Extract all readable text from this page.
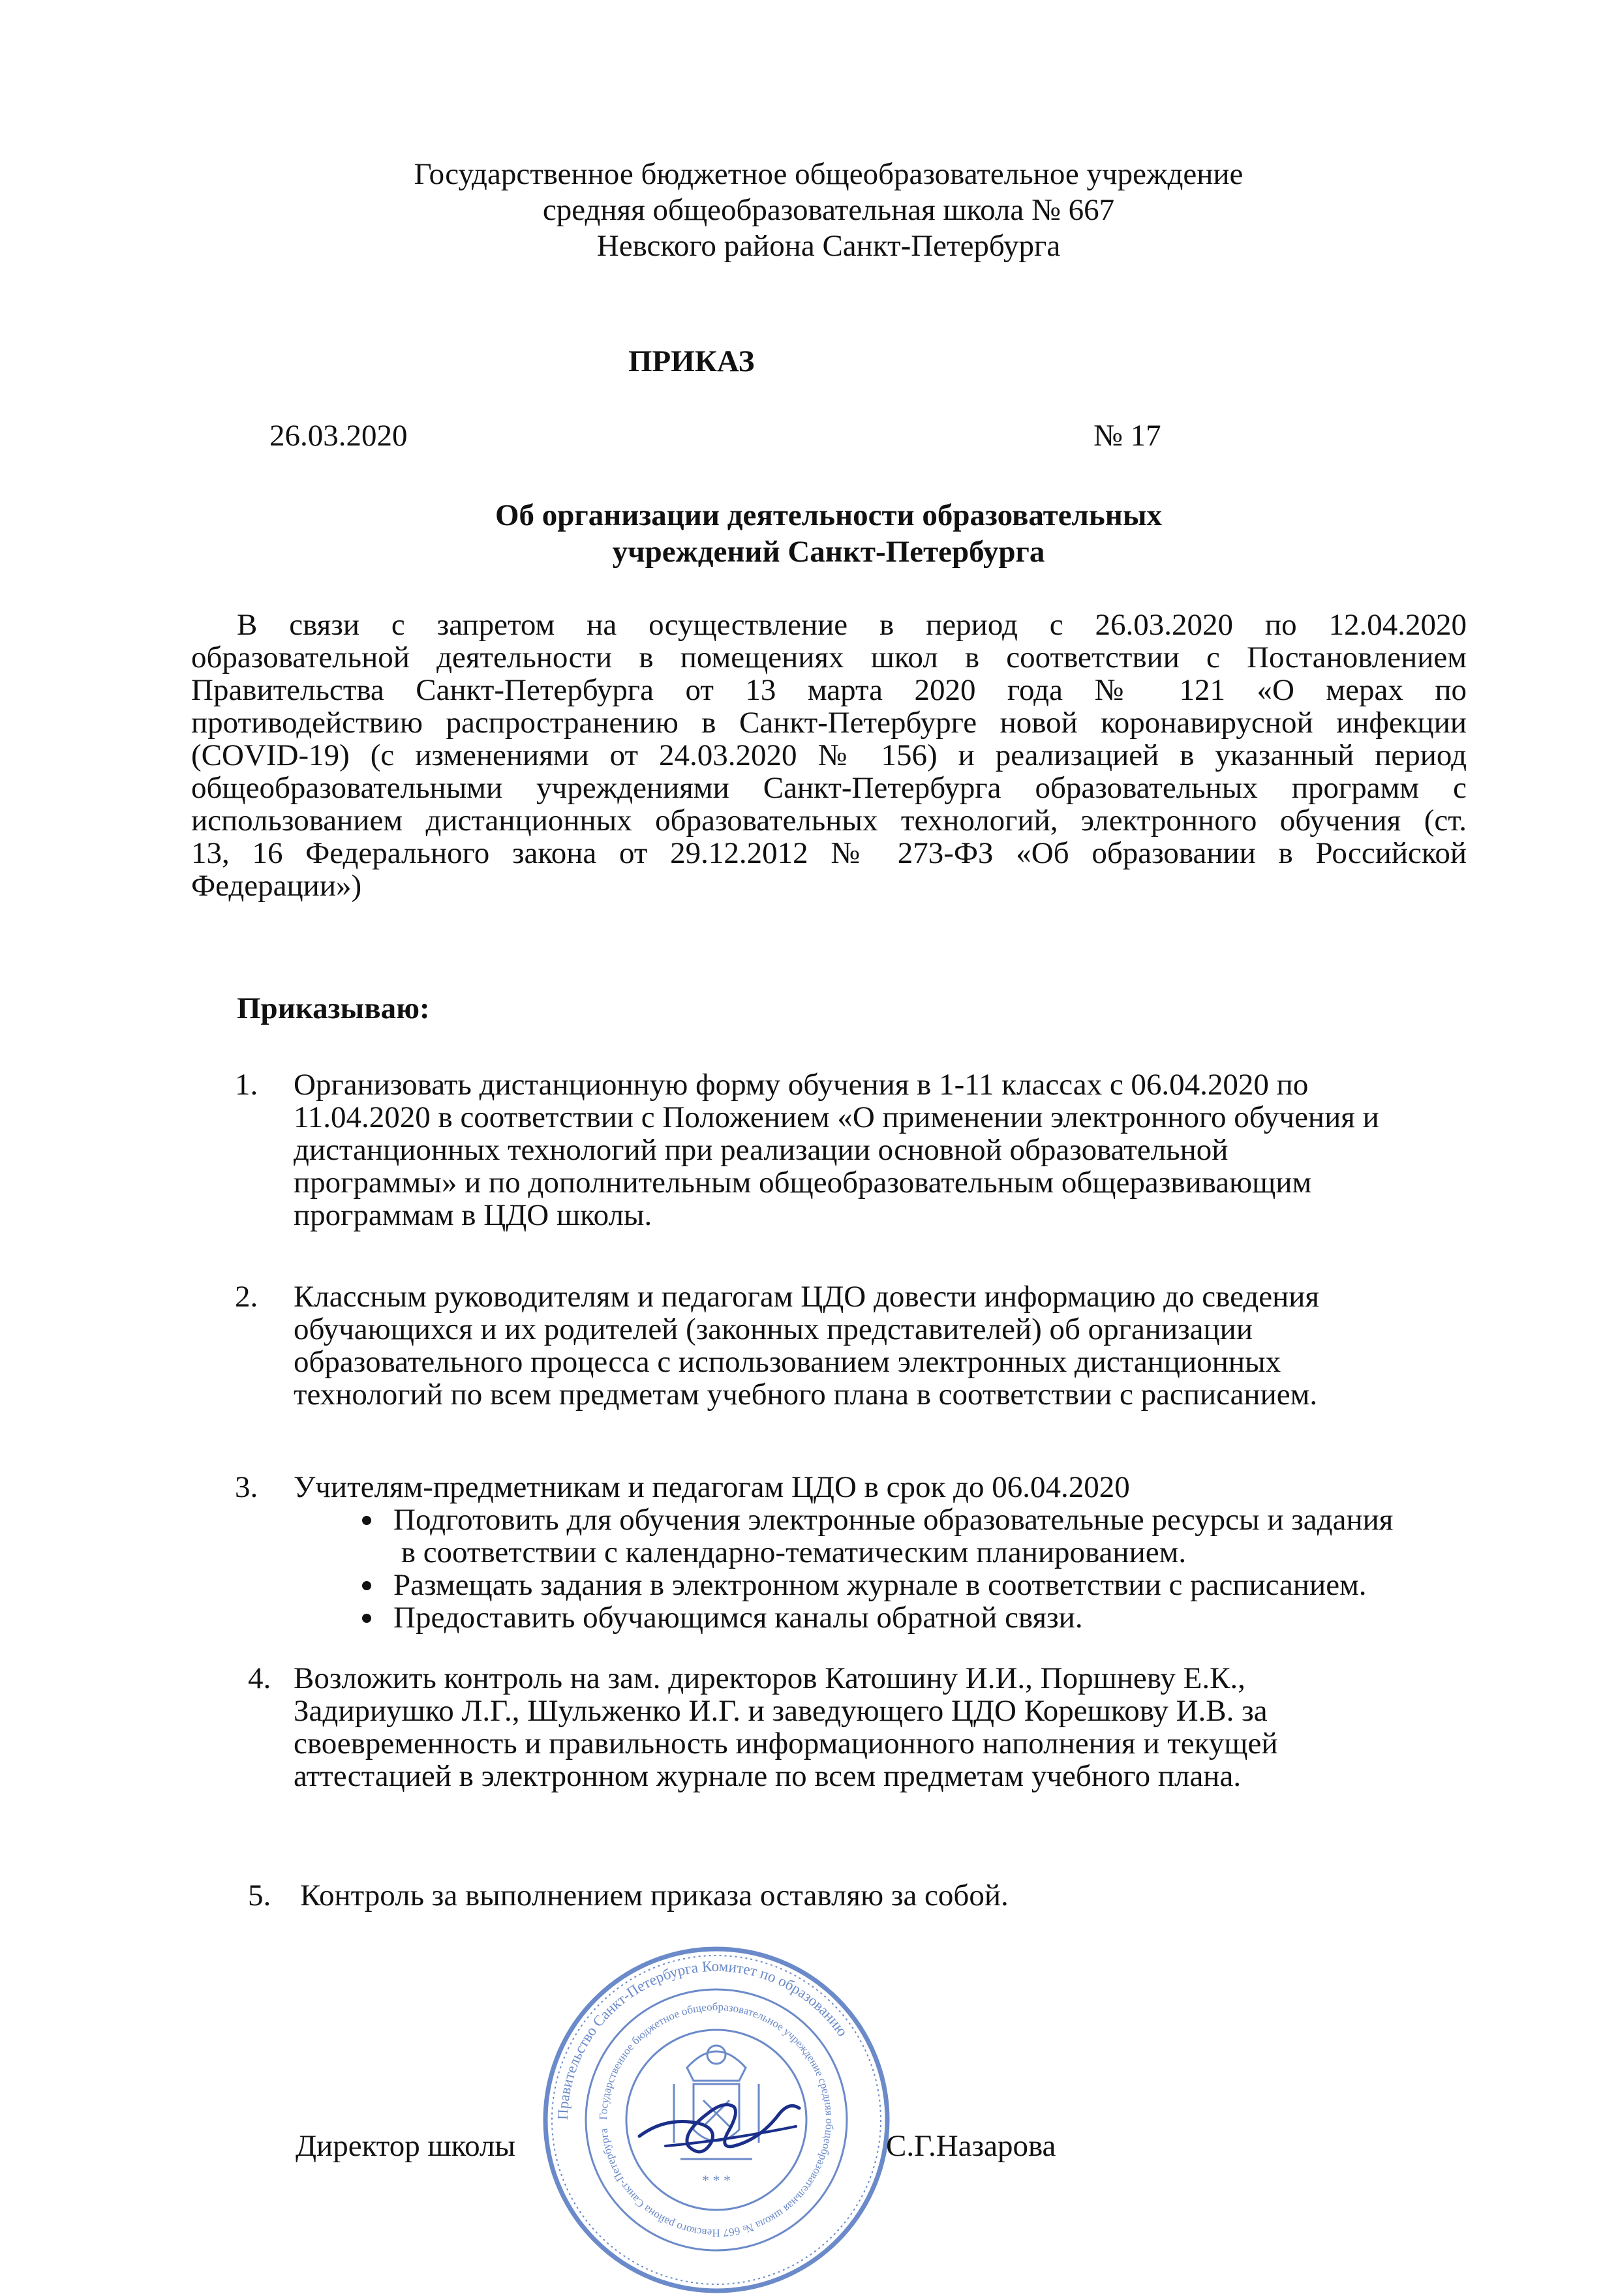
Государственное бюджетное общеобразовательное учреждение
средняя общеобразовательная школа № 667
Невского района Санкт-Петербурга
ПРИКАЗ
26.03.2020	№ 17
Об организации деятельности образовательных
учреждений Санкт-Петербурга
В связи с запретом на осуществление в период с 26.03.2020 по 12.04.2020
образовательной деятельности в помещениях школ в соответствии с Постановлением
Правительства Санкт-Петербурга от 13 марта 2020 года № 121 «О мерах по
противодействию распространению в Санкт-Петербурге новой коронавирусной инфекции
(COVID-19) (с изменениями от 24.03.2020 № 156) и реализацией в указанный период
общеобразовательными учреждениями Санкт-Петербурга образовательных программ с
использованием дистанционных образовательных технологий, электронного обучения (ст.
13, 16 Федерального закона от 29.12.2012 № 273-ФЗ «Об образовании в Российской
Федерации»)
Приказываю:
1. Организовать дистанционную форму обучения в 1-11 классах с 06.04.2020 по
11.04.2020 в соответствии с Положением «О применении электронного обучения и
дистанционных технологий при реализации основной образовательной
программы» и по дополнительным общеобразовательным общеразвивающим
программам в ЦДО школы.
2. Классным руководителям и педагогам ЦДО довести информацию до сведения
обучающихся и их родителей (законных представителей) об организации
образовательного процесса с использованием электронных дистанционных
технологий по всем предметам учебного плана в соответствии с расписанием.
3. Учителям-предметникам и педагогам ЦДО в срок до 06.04.2020
Подготовить для обучения электронные образовательные ресурсы и задания
в соответствии с календарно-тематическим планированием.
Размещать задания в электронном журнале в соответствии с расписанием.
Предоставить обучающимся каналы обратной связи.
4. Возложить контроль на зам. директоров Катошину И.И., Поршневу Е.К.,
Задириушко Л.Г., Шульженко И.Г. и заведующего ЦДО Корешкову И.В. за
своевременность и правильность информационного наполнения и текущей
аттестацией в электронном журнале по всем предметам учебного плана.
5. Контроль за выполнением приказа оставляю за собой.
* * *
Правительство Санкт-Петербурга Комитет по образованию
Государственное бюджетное общеобразовательное учреждение средняя общеобразовательная школа № 667 Невского района Санкт-Петербурга
Директор школы	С.Г.Назарова
